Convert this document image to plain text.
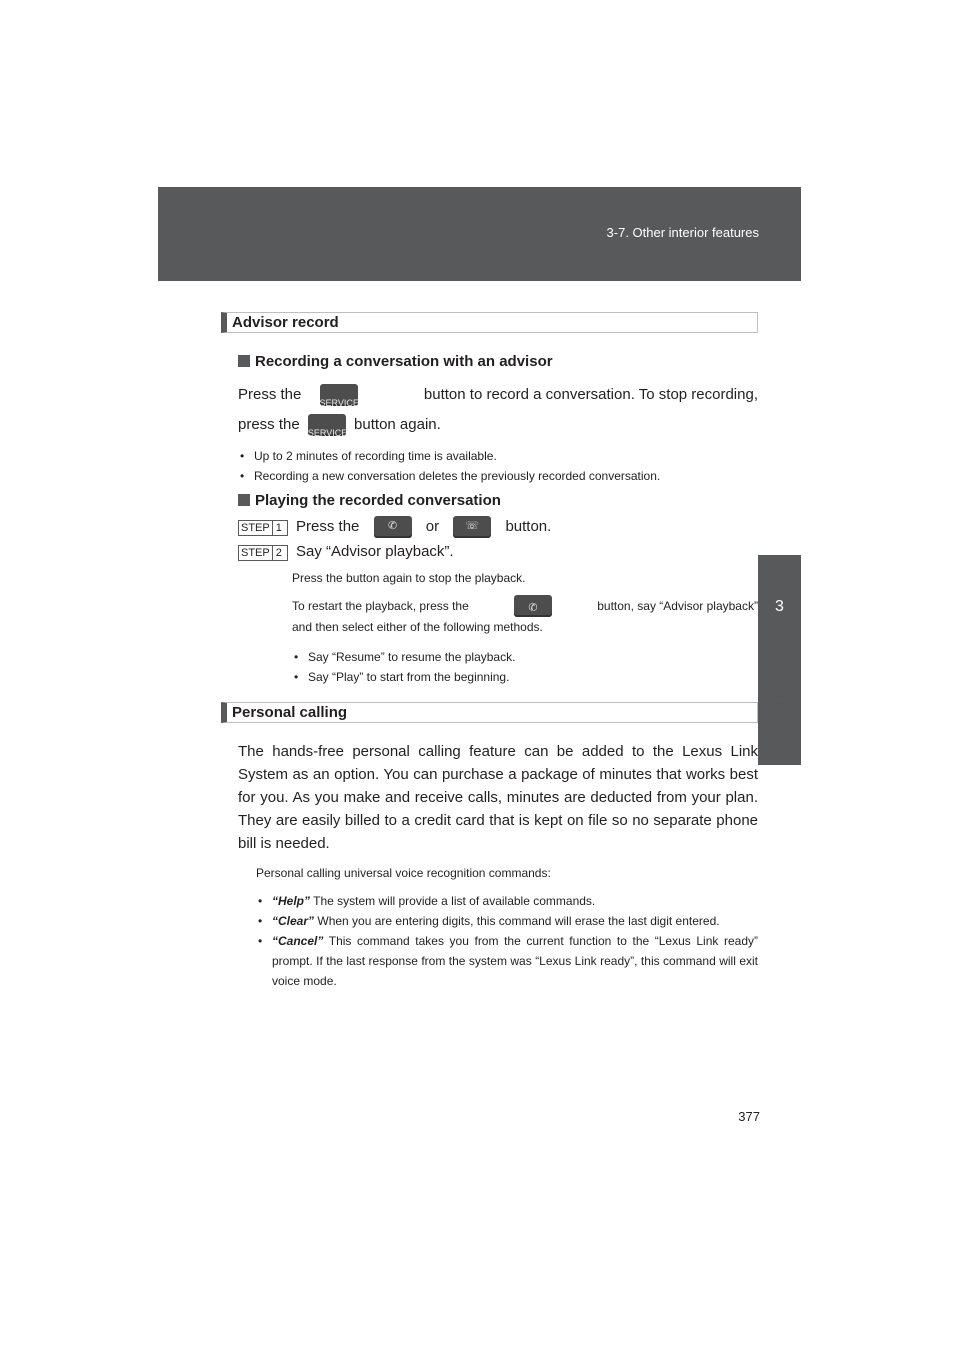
3-7. Other interior features
3
Interior features
Advisor record
Recording a conversation with an advisor
Press the
SERVICE
button to record a conversation. To stop recording,
press the
SERVICE
button again.
• Up to 2 minutes of recording time is available.
• Recording a new conversation deletes the previously recorded conversation.
Playing the recorded conversation
STEP 1 Press the	✆	or	☏	button.
STEP 2 Say “Advisor playback”.
Press the button again to stop the playback.
To restart the playback, press the	✆	button, say “Advisor playback”
and then select either of the following methods.
• Say “Resume” to resume the playback.
• Say “Play” to start from the beginning.
Personal calling
The hands-free personal calling feature can be added to the Lexus Link System as an option. You can purchase a package of minutes that works best for you. As you make and receive calls, minutes are deducted from your plan. They are easily billed to a credit card that is kept on file so no separate phone bill is needed.
Personal calling universal voice recognition commands:
• “Help” The system will provide a list of available commands.
• “Clear” When you are entering digits, this command will erase the last digit entered.
• “Cancel” This command takes you from the current function to the “Lexus Link ready” prompt. If the last response from the system was “Lexus Link ready”, this command will exit voice mode.
377
